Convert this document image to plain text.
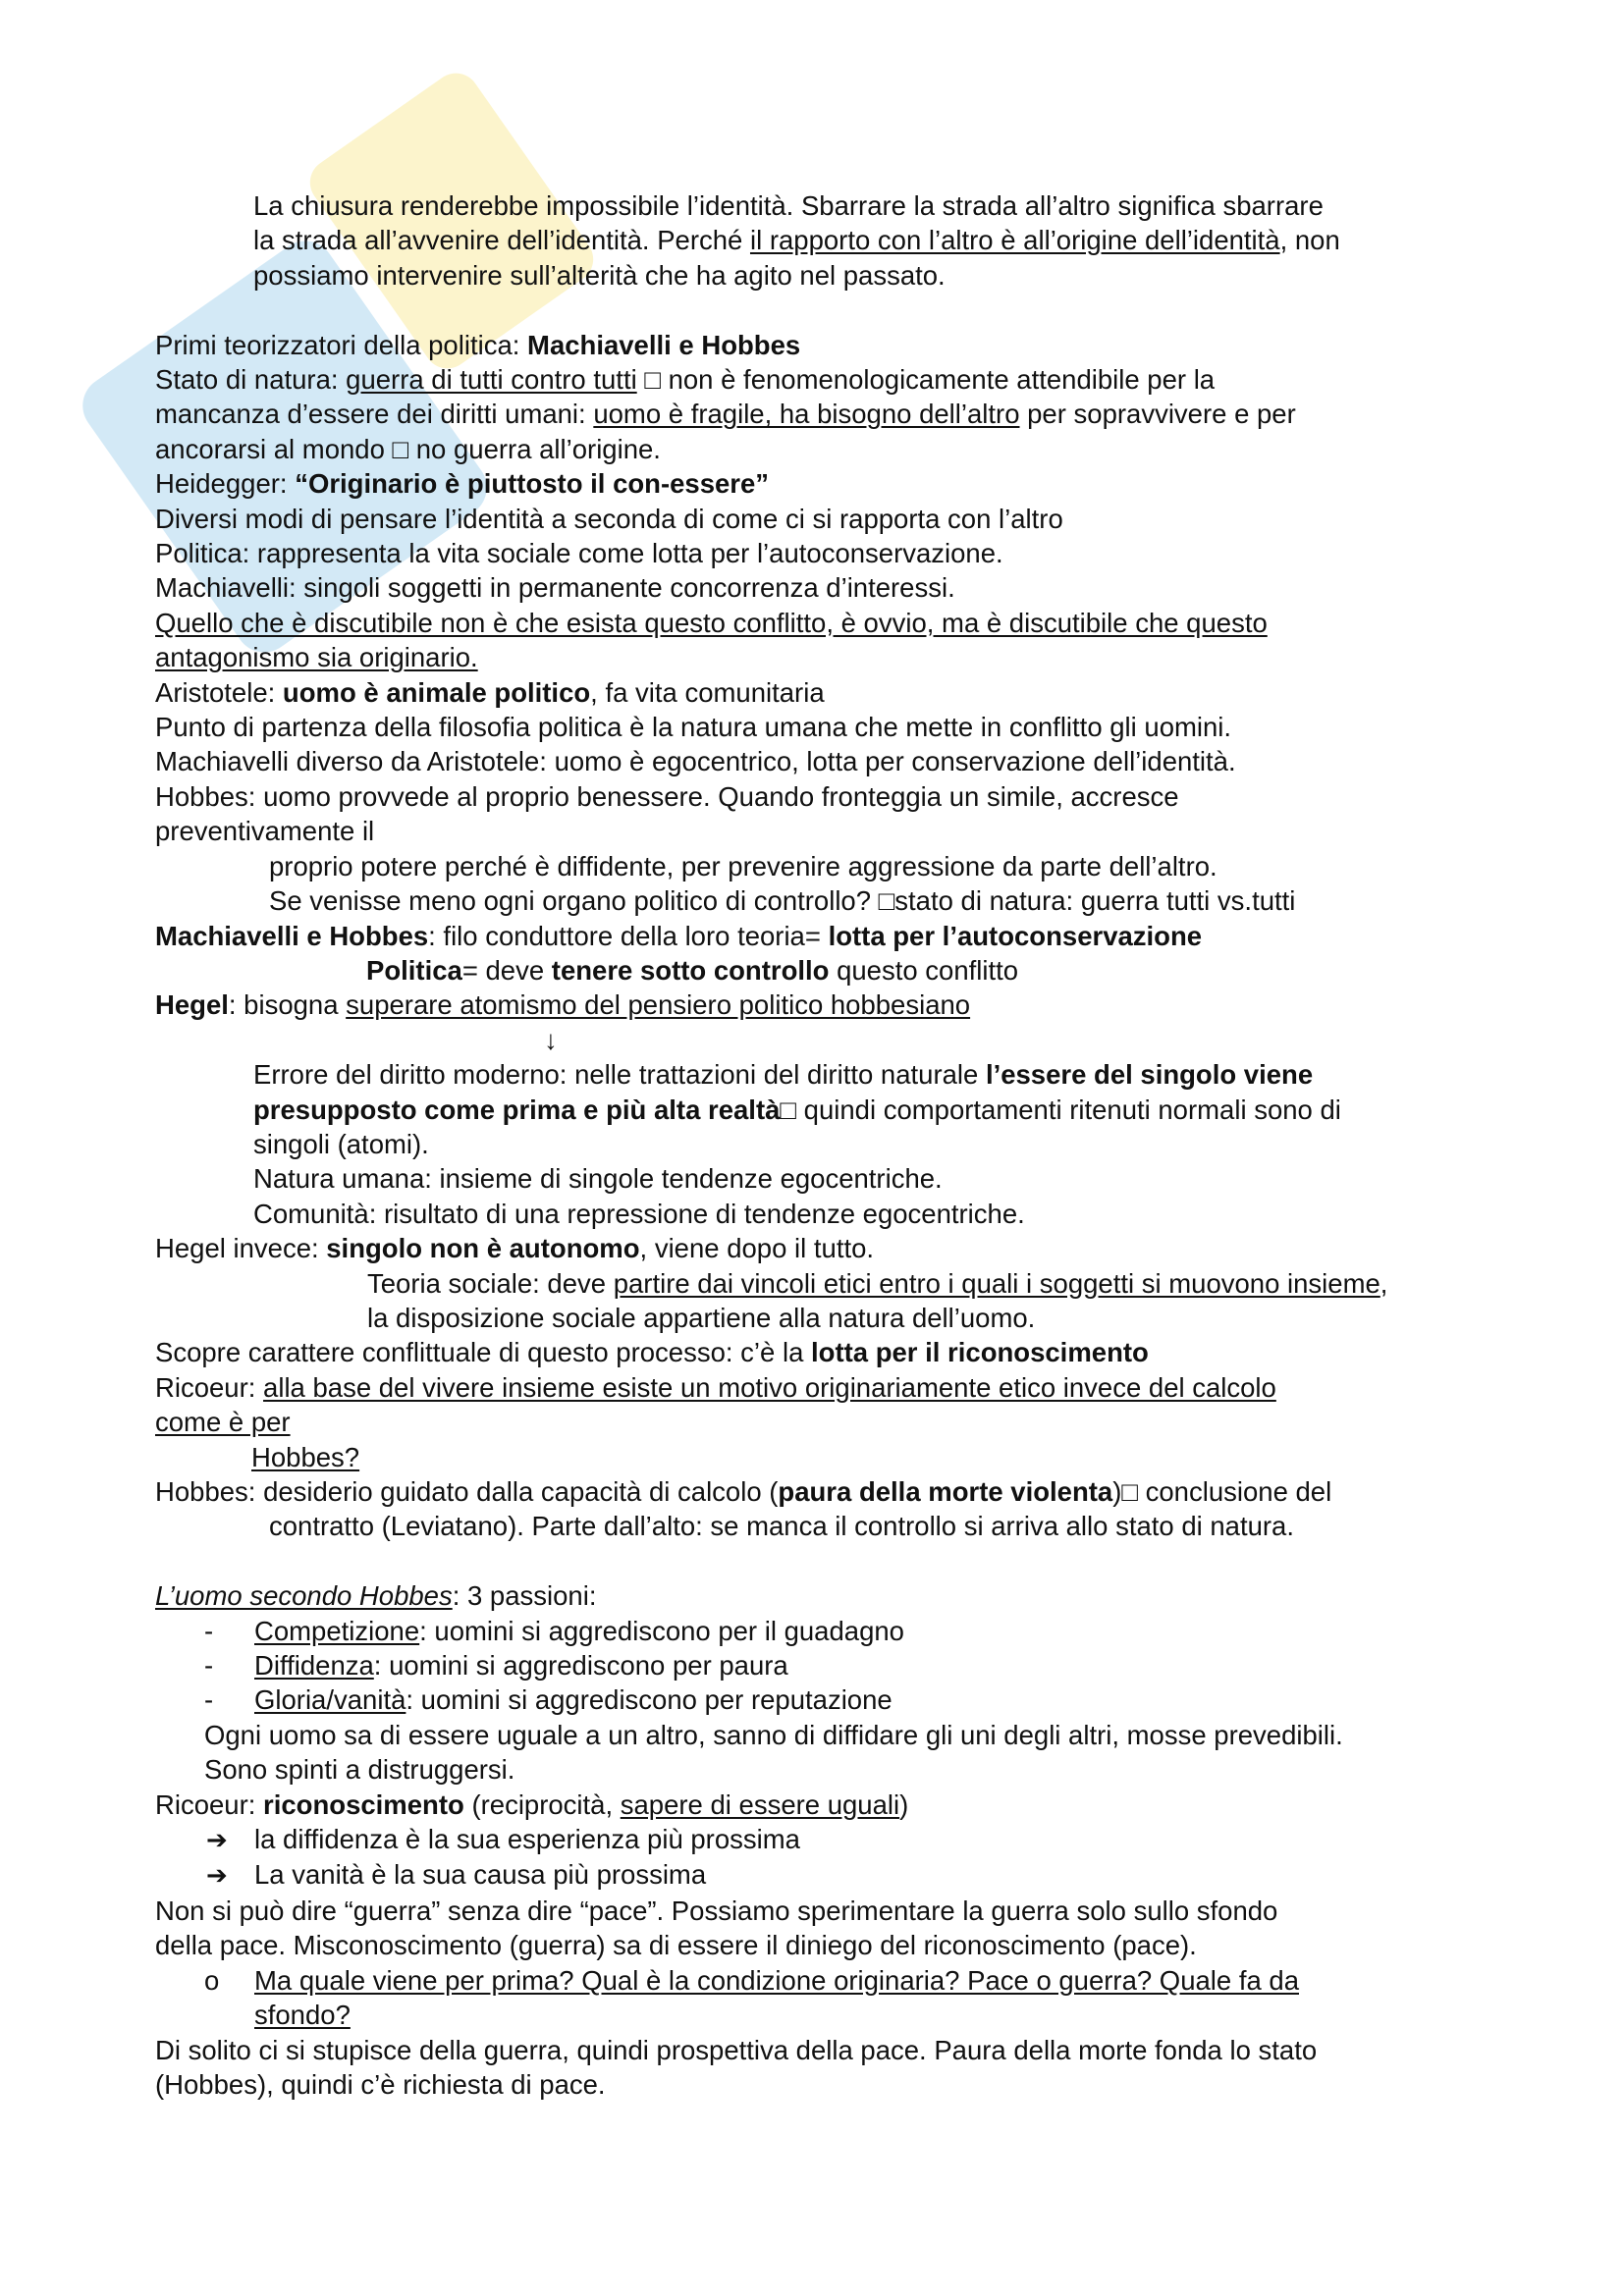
La chiusura renderebbe impossibile l’identità. Sbarrare la strada all’altro significa sbarrare
la strada all’avvenire dell’identità. Perché il rapporto con l’altro è all’origine dell’identità, non
possiamo intervenire sull’alterità che ha agito nel passato.
Primi teorizzatori della politica: Machiavelli e Hobbes
Stato di natura: guerra di tutti contro tutti □ non è fenomenologicamente attendibile per la
mancanza d’essere dei diritti umani: uomo è fragile, ha bisogno dell’altro per sopravvivere e per
ancorarsi al mondo □ no guerra all’origine.
Heidegger: “Originario è piuttosto il con-essere”
Diversi modi di pensare l’identità a seconda di come ci si rapporta con l’altro
Politica: rappresenta la vita sociale come lotta per l’autoconservazione.
Machiavelli: singoli soggetti in permanente concorrenza d’interessi.
Quello che è discutibile non è che esista questo conflitto, è ovvio, ma è discutibile che questo
antagonismo sia originario.
Aristotele: uomo è animale politico, fa vita comunitaria
Punto di partenza della filosofia politica è la natura umana che mette in conflitto gli uomini.
Machiavelli diverso da Aristotele: uomo è egocentrico, lotta per conservazione dell’identità.
Hobbes: uomo provvede al proprio benessere. Quando fronteggia un simile, accresce
preventivamente il
proprio potere perché è diffidente, per prevenire aggressione da parte dell’altro.
Se venisse meno ogni organo politico di controllo? □stato di natura: guerra tutti vs.tutti
Machiavelli e Hobbes: filo conduttore della loro teoria= lotta per l’autoconservazione
Politica= deve tenere sotto controllo questo conflitto
Hegel: bisogna superare atomismo del pensiero politico hobbesiano
↓
Errore del diritto moderno: nelle trattazioni del diritto naturale l’essere del singolo viene
presupposto come prima e più alta realtà□ quindi comportamenti ritenuti normali sono di
singoli (atomi).
Natura umana: insieme di singole tendenze egocentriche.
Comunità: risultato di una repressione di tendenze egocentriche.
Hegel invece: singolo non è autonomo, viene dopo il tutto.
Teoria sociale: deve partire dai vincoli etici entro i quali i soggetti si muovono insieme,
la disposizione sociale appartiene alla natura dell’uomo.
Scopre carattere conflittuale di questo processo: c’è la lotta per il riconoscimento
Ricoeur: alla base del vivere insieme esiste un motivo originariamente etico invece del calcolo
come è per
Hobbes?
Hobbes: desiderio guidato dalla capacità di calcolo (paura della morte violenta)□ conclusione del
contratto (Leviatano). Parte dall’alto: se manca il controllo si arriva allo stato di natura.
L’uomo secondo Hobbes: 3 passioni:
- Competizione: uomini si aggrediscono per il guadagno
- Diffidenza: uomini si aggrediscono per paura
- Gloria/vanità: uomini si aggrediscono per reputazione
Ogni uomo sa di essere uguale a un altro, sanno di diffidare gli uni degli altri, mosse prevedibili.
Sono spinti a distruggersi.
Ricoeur: riconoscimento (reciprocità, sapere di essere uguali)
➔ la diffidenza è la sua esperienza più prossima
➔ La vanità è la sua causa più prossima
Non si può dire “guerra” senza dire “pace”. Possiamo sperimentare la guerra solo sullo sfondo
della pace. Misconoscimento (guerra) sa di essere il diniego del riconoscimento (pace).
o Ma quale viene per prima? Qual è la condizione originaria? Pace o guerra? Quale fa da
sfondo?
Di solito ci si stupisce della guerra, quindi prospettiva della pace. Paura della morte fonda lo stato
(Hobbes), quindi c’è richiesta di pace.
